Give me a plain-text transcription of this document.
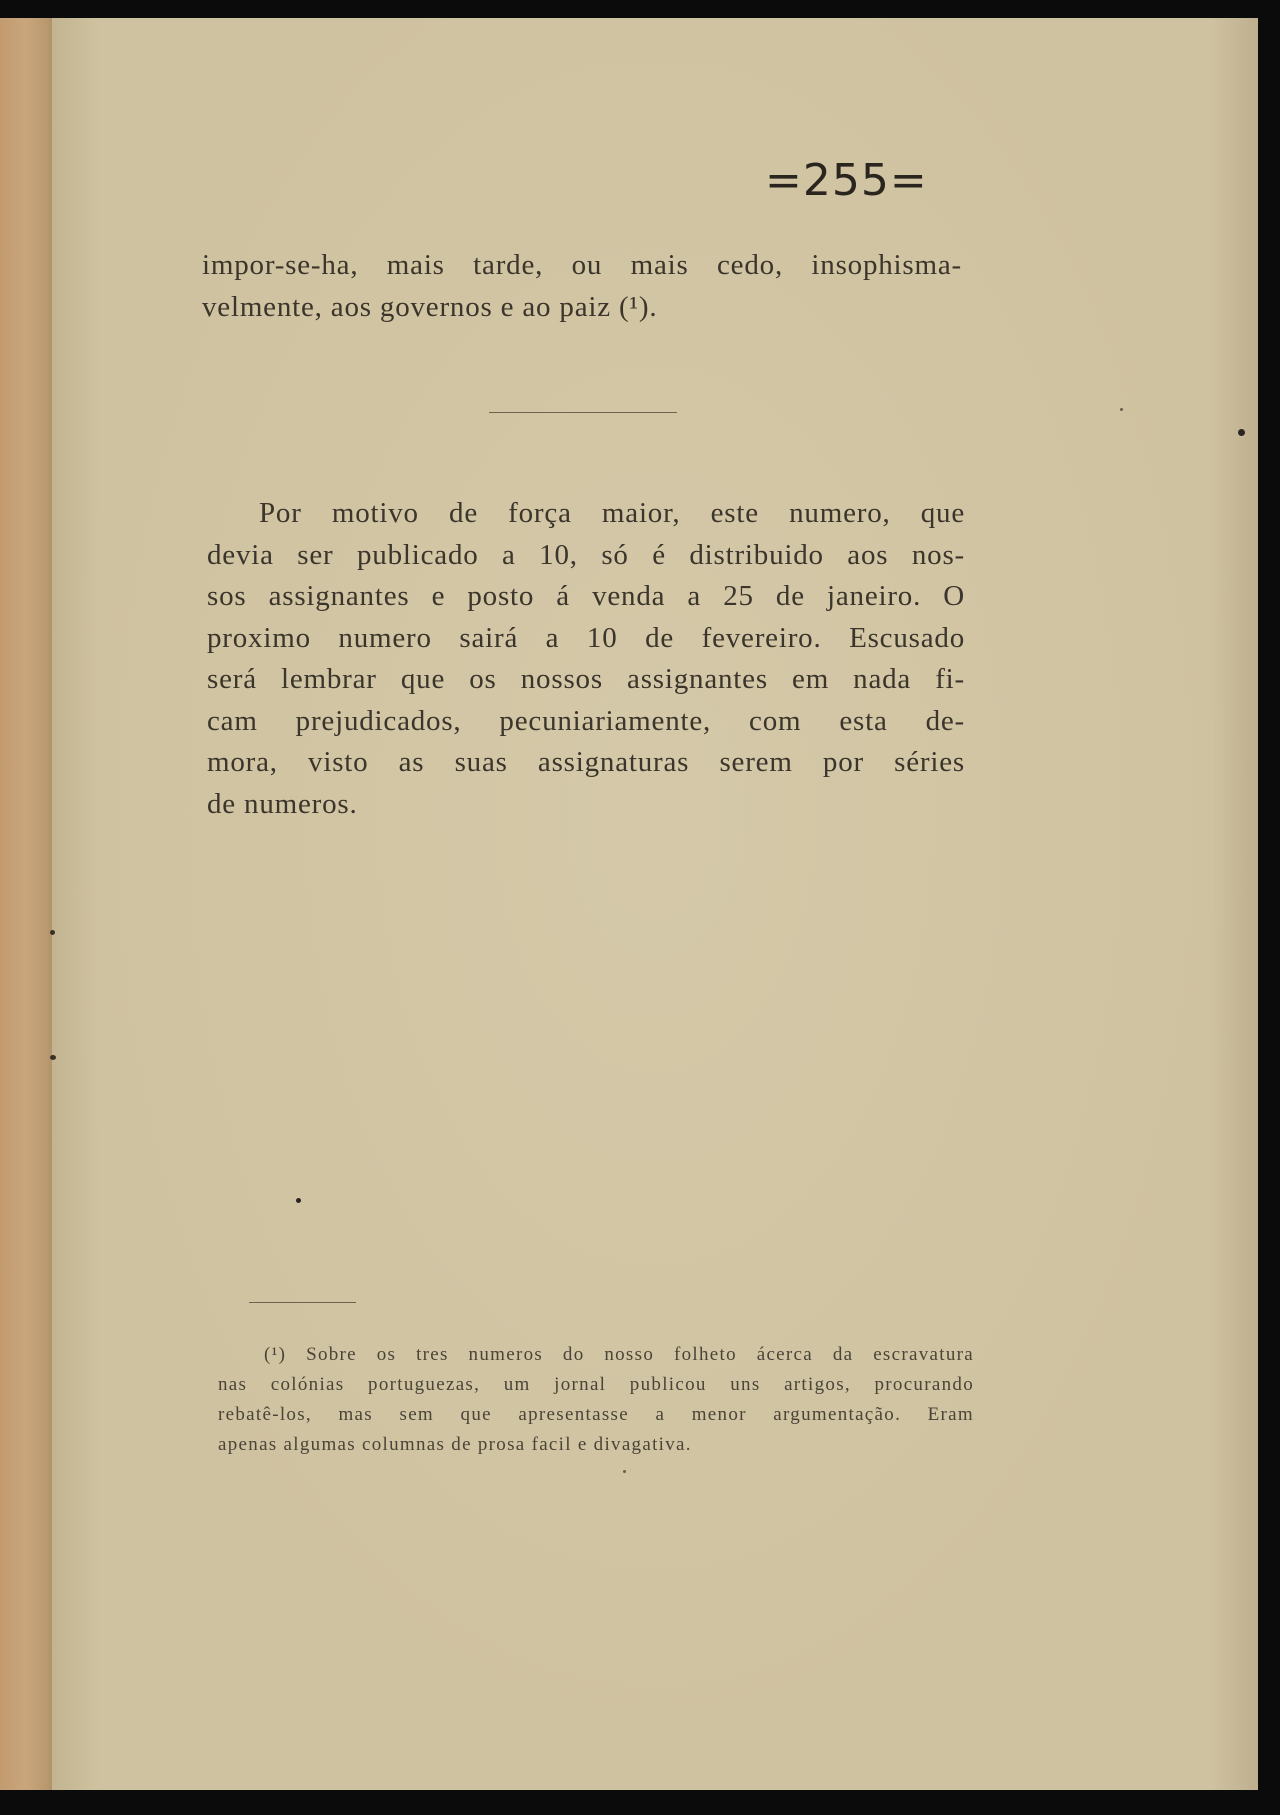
=255=
impor-se-ha, mais tarde, ou mais cedo, insophisma-
velmente, aos governos e ao paiz (¹).
Por motivo de força maior, este numero, que
devia ser publicado a 10, só é distribuido aos nos-
sos assignantes e posto á venda a 25 de janeiro. O
proximo numero sairá a 10 de fevereiro. Escusado
será lembrar que os nossos assignantes em nada fi-
cam prejudicados, pecuniariamente, com esta de-
mora, visto as suas assignaturas serem por séries
de numeros.
(¹) Sobre os tres numeros do nosso folheto ácerca da escravatura
nas colónias portuguezas, um jornal publicou uns artigos, procurando
rebatê-los, mas sem que apresentasse a menor argumentação. Eram
apenas algumas columnas de prosa facil e divagativa.
